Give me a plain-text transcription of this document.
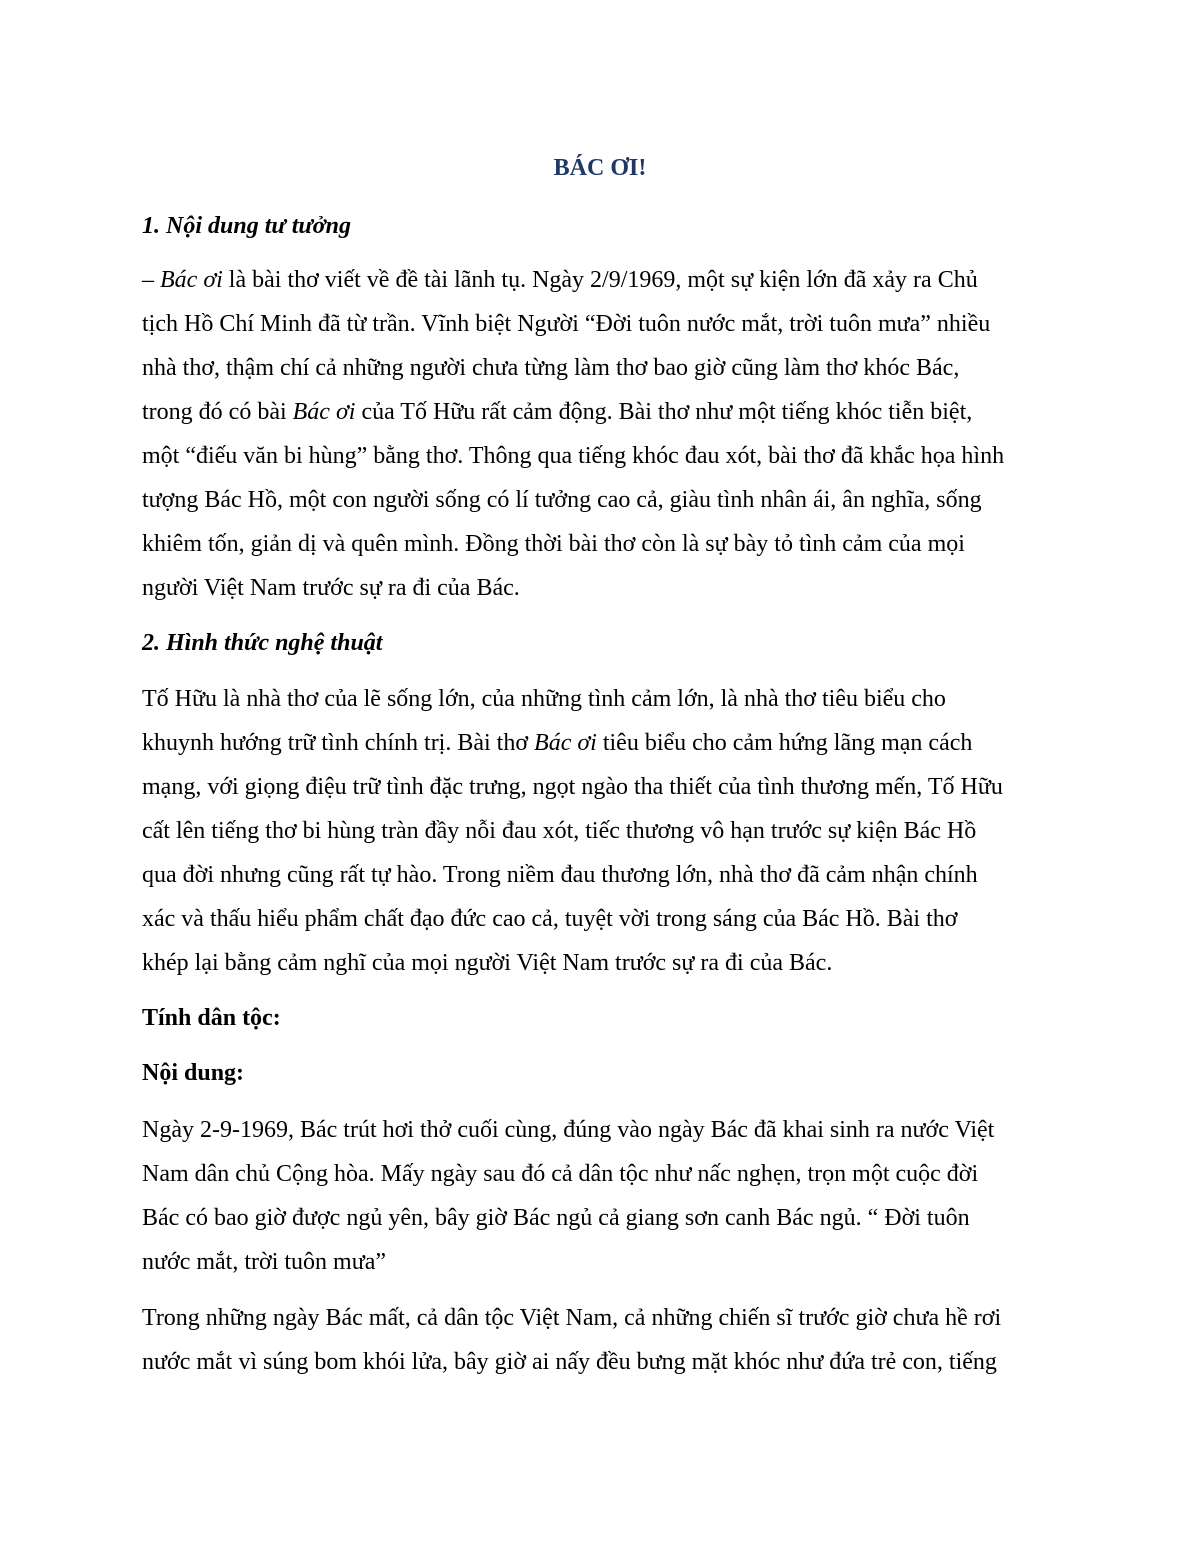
BÁC ƠI!
1. Nội dung tư tưởng
– Bác ơi là bài thơ viết về đề tài lãnh tụ. Ngày 2/9/1969, một sự kiện lớn đã xảy ra Chủ
tịch Hồ Chí Minh đã từ trần. Vĩnh biệt Người “Đời tuôn nước mắt, trời tuôn mưa” nhiều
nhà thơ, thậm chí cả những người chưa từng làm thơ bao giờ cũng làm thơ khóc Bác,
trong đó có bài Bác ơi của Tố Hữu rất cảm động. Bài thơ như một tiếng khóc tiễn biệt,
một “điếu văn bi hùng” bằng thơ. Thông qua tiếng khóc đau xót, bài thơ đã khắc họa hình
tượng Bác Hồ, một con người sống có lí tưởng cao cả, giàu tình nhân ái, ân nghĩa, sống
khiêm tốn, giản dị và quên mình. Đồng thời bài thơ còn là sự bày tỏ tình cảm của mọi
người Việt Nam trước sự ra đi của Bác.
2. Hình thức nghệ thuật
Tố Hữu là nhà thơ của lẽ sống lớn, của những tình cảm lớn, là nhà thơ tiêu biểu cho
khuynh hướng trữ tình chính trị. Bài thơ Bác ơi tiêu biểu cho cảm hứng lãng mạn cách
mạng, với giọng điệu trữ tình đặc trưng, ngọt ngào tha thiết của tình thương mến, Tố Hữu
cất lên tiếng thơ bi hùng tràn đầy nỗi đau xót, tiếc thương vô hạn trước sự kiện Bác Hồ
qua đời nhưng cũng rất tự hào. Trong niềm đau thương lớn, nhà thơ đã cảm nhận chính
xác và thấu hiểu phẩm chất đạo đức cao cả, tuyệt vời trong sáng của Bác Hồ. Bài thơ
khép lại bằng cảm nghĩ của mọi người Việt Nam trước sự ra đi của Bác.
Tính dân tộc:
Nội dung:
Ngày 2-9-1969, Bác trút hơi thở cuối cùng, đúng vào ngày Bác đã khai sinh ra nước Việt
Nam dân chủ Cộng hòa. Mấy ngày sau đó cả dân tộc như nấc nghẹn, trọn một cuộc đời
Bác có bao giờ được ngủ yên, bây giờ Bác ngủ cả giang sơn canh Bác ngủ. “ Đời tuôn
nước mắt, trời tuôn mưa”
Trong những ngày Bác mất, cả dân tộc Việt Nam, cả những chiến sĩ trước giờ chưa hề rơi
nước mắt vì súng bom khói lửa, bây giờ ai nấy đều bưng mặt khóc như đứa trẻ con, tiếng
